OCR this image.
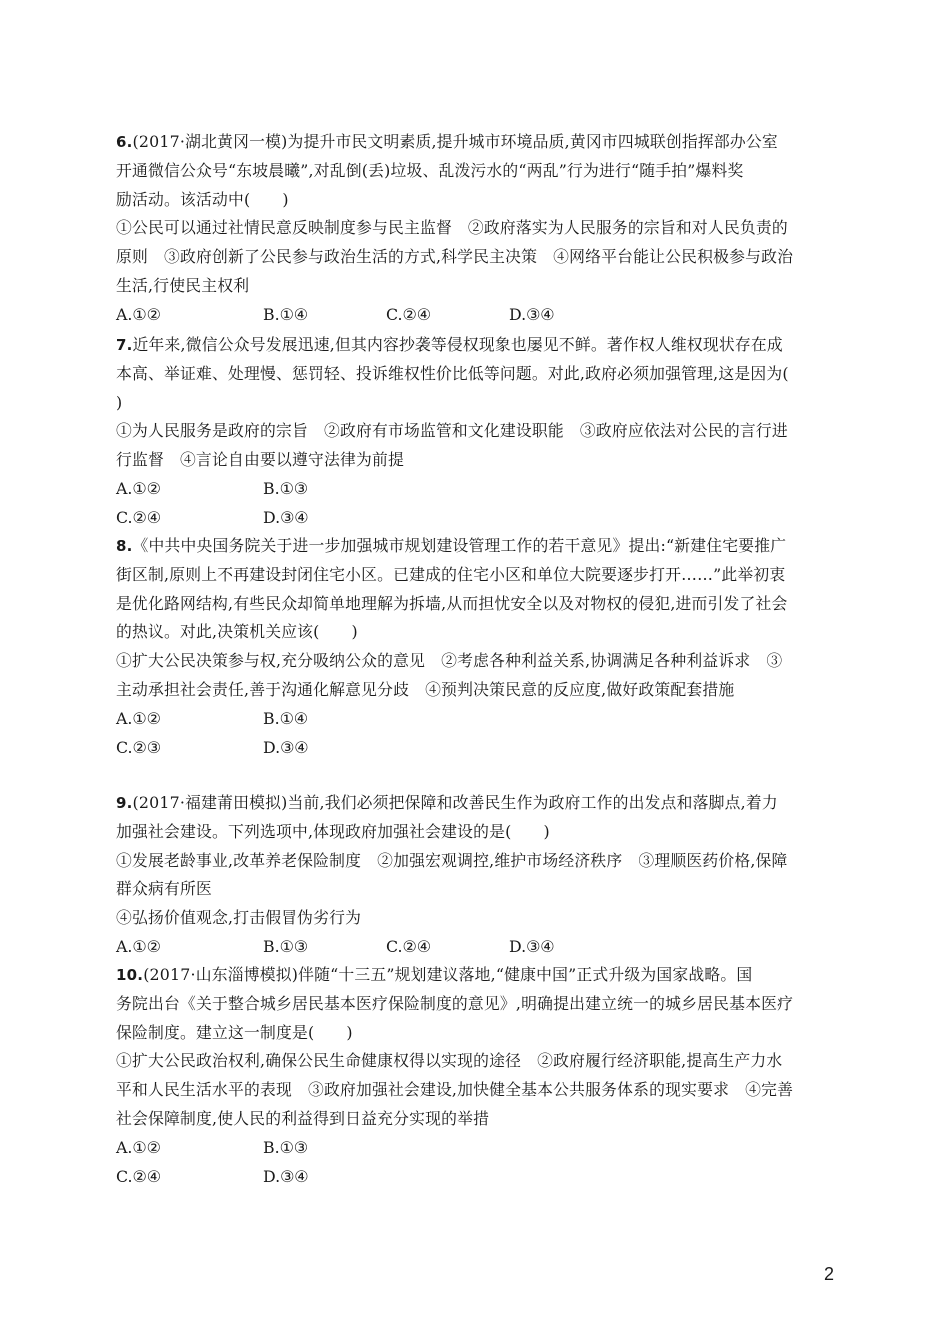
6.(2017·湖北黄冈一模)为提升市民文明素质,提升城市环境品质,黄冈市四城联创指挥部办公室
开通微信公众号“东坡晨曦”,对乱倒(丢)垃圾、乱泼污水的“两乱”行为进行“随手拍”爆料奖
励活动。该活动中(　　)
①公民可以通过社情民意反映制度参与民主监督　②政府落实为人民服务的宗旨和对人民负责的
原则　③政府创新了公民参与政治生活的方式,科学民主决策　④网络平台能让公民积极参与政治
生活,行使民主权利
A.①②	B.①④	C.②④	D.③④
7.近年来,微信公众号发展迅速,但其内容抄袭等侵权现象也屡见不鲜。著作权人维权现状存在成
本高、举证难、处理慢、惩罚轻、投诉维权性价比低等问题。对此,政府必须加强管理,这是因为(
)
①为人民服务是政府的宗旨　②政府有市场监管和文化建设职能　③政府应依法对公民的言行进
行监督　④言论自由要以遵守法律为前提
A.①②	B.①③
C.②④	D.③④
8.《中共中央国务院关于进一步加强城市规划建设管理工作的若干意见》提出:“新建住宅要推广
街区制,原则上不再建设封闭住宅小区。已建成的住宅小区和单位大院要逐步打开……”此举初衷
是优化路网结构,有些民众却简单地理解为拆墙,从而担忧安全以及对物权的侵犯,进而引发了社会
的热议。对此,决策机关应该(　　)
①扩大公民决策参与权,充分吸纳公众的意见　②考虑各种利益关系,协调满足各种利益诉求　③
主动承担社会责任,善于沟通化解意见分歧　④预判决策民意的反应度,做好政策配套措施
A.①②	B.①④
C.②③	D.③④
9.(2017·福建莆田模拟)当前,我们必须把保障和改善民生作为政府工作的出发点和落脚点,着力
加强社会建设。下列选项中,体现政府加强社会建设的是(　　)
①发展老龄事业,改革养老保险制度　②加强宏观调控,维护市场经济秩序　③理顺医药价格,保障
群众病有所医
④弘扬价值观念,打击假冒伪劣行为
A.①②	B.①③	C.②④	D.③④
10.(2017·山东淄博模拟)伴随“十三五”规划建议落地,“健康中国”正式升级为国家战略。国
务院出台《关于整合城乡居民基本医疗保险制度的意见》,明确提出建立统一的城乡居民基本医疗
保险制度。建立这一制度是(　　)
①扩大公民政治权利,确保公民生命健康权得以实现的途径　②政府履行经济职能,提高生产力水
平和人民生活水平的表现　③政府加强社会建设,加快健全基本公共服务体系的现实要求　④完善
社会保障制度,使人民的利益得到日益充分实现的举措
A.①②	B.①③
C.②④	D.③④
2
